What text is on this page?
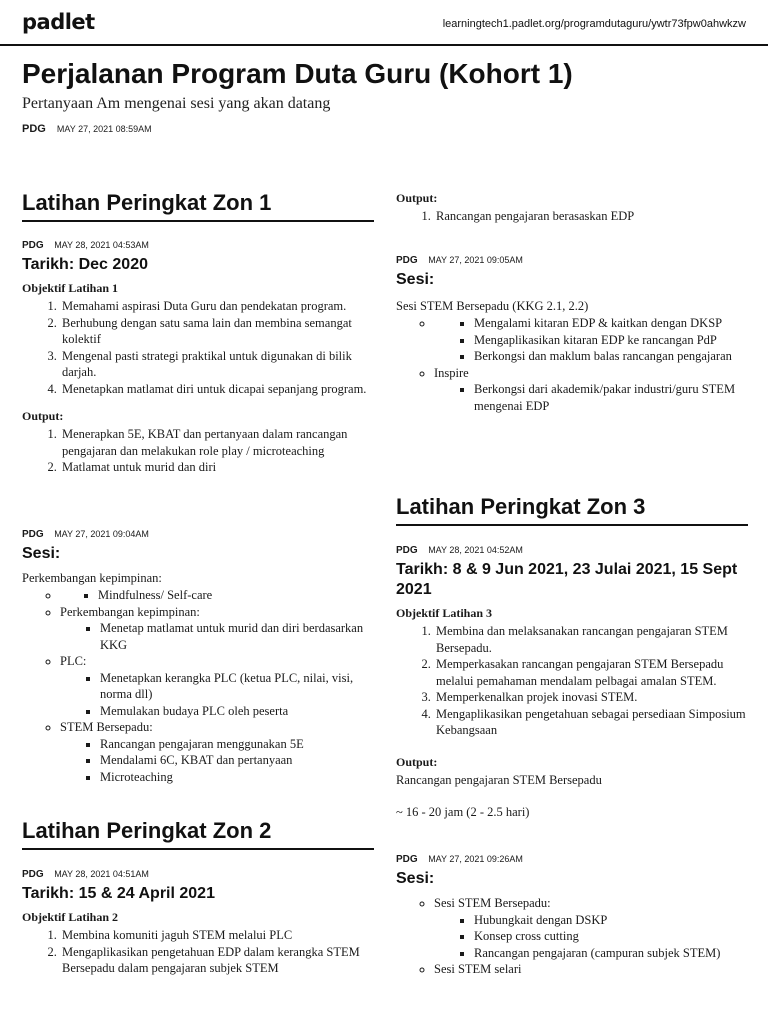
padlet	learningtech1.padlet.org/programdutaguru/ywtr73fpw0ahwkzw
Perjalanan Program Duta Guru (Kohort 1)
Pertanyaan Am mengenai sesi yang akan datang
PDG MAY 27, 2021 08:59AM
Latihan Peringkat Zon 1
PDG MAY 28, 2021 04:53AM
Tarikh: Dec 2020

Objektif Latihan 1

1. Memahami aspirasi Duta Guru dan pendekatan program.
2. Berhubung dengan satu sama lain dan membina semangat kolektif
3. Mengenal pasti strategi praktikal untuk digunakan di bilik darjah.
4. Menetapkan matlamat diri untuk dicapai sepanjang program.

Output:

1. Menerapkan 5E, KBAT dan pertanyaan dalam rancangan pengajaran dan melakukan role play / microteaching
2. Matlamat untuk murid dan diri
PDG MAY 27, 2021 09:04AM
Sesi:

Perkembangan kepimpinan:

▪ ◦ Mindfulness/ Self-care
◦ Perkembangan kepimpinan:
▪ Menetap matlamat untuk murid dan diri berdasarkan KKG
◦ PLC:
▪ Menetapkan kerangka PLC (ketua PLC, nilai, visi, norma dll)
▪ Memulakan budaya PLC oleh peserta
◦ STEM Bersepadu:
▪ Rancangan pengajaran menggunakan 5E
▪ Mendalami 6C, KBAT dan pertanyaan
▪ Microteaching
Latihan Peringkat Zon 2
PDG MAY 28, 2021 04:51AM
Tarikh: 15 & 24 April 2021

Objektif Latihan 2

1. Membina komuniti jaguh STEM melalui PLC
2. Mengaplikasikan pengetahuan EDP dalam kerangka STEM Bersepadu dalam pengajaran subjek STEM

Output:

1. Rancangan pengajaran berasaskan EDP
PDG MAY 27, 2021 09:05AM
Sesi:

Sesi STEM Bersepadu (KKG 2.1, 2.2)

▪ ◦ Mengalami kitaran EDP & kaitkan dengan DKSP
▪ Mengaplikasikan kitaran EDP ke rancangan PdP
▪ Berkongsi dan maklum balas rancangan pengajaran
◦ Inspire
▪ Berkongsi dari akademik/pakar industri/guru STEM mengenai EDP
Latihan Peringkat Zon 3
PDG MAY 28, 2021 04:52AM
Tarikh: 8 & 9 Jun 2021, 23 Julai 2021, 15 Sept 2021

Objektif Latihan 3

1. Membina dan melaksanakan rancangan pengajaran STEM Bersepadu.
2. Memperkasakan rancangan pengajaran STEM Bersepadu melalui pemahaman mendalam pelbagai amalan STEM.
3. Memperkenalkan projek inovasi STEM.
4. Mengaplikasikan pengetahuan sebagai persediaan Simposium Kebangsaan

Output:

Rancangan pengajaran STEM Bersepadu

~ 16 - 20 jam (2 - 2.5 hari)

PDG MAY 27, 2021 09:26AM
Sesi:
◦ Sesi STEM Bersepadu:
▪ Hubungkait dengan DSKP
▪ Konsep cross cutting
▪ Rancangan pengajaran (campuran subjek STEM)
◦ Sesi STEM selari
